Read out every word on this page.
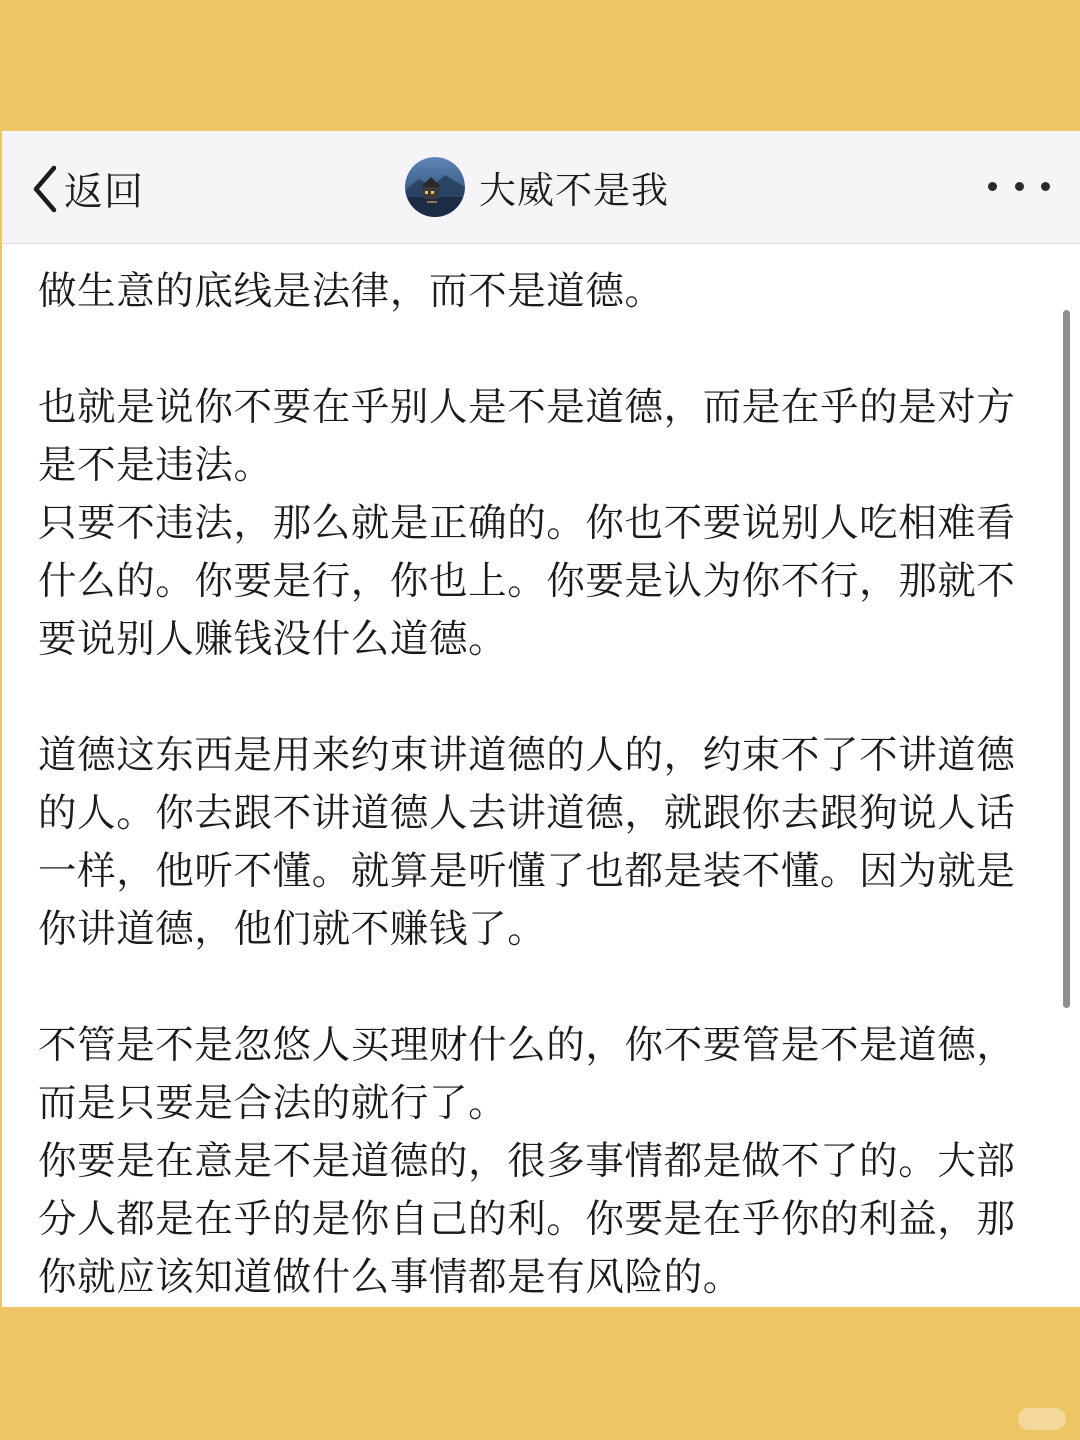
返回	大威不是我

做生意的底线是法律，而不是道德。

也就是说你不要在乎别人是不是道德，而是在乎的是对方是不是违法。

只要不违法，那么就是正确的。你也不要说别人吃相难看什么的。你要是行，你也上。你要是认为你不行，那就不要说别人赚钱没什么道德。

道德这东西是用来约束讲道德的人的，约束不了不讲道德的人。你去跟不讲道德人去讲道德，就跟你去跟狗说人话一样，他听不懂。就算是听懂了也都是装不懂。因为就是你讲道德，他们就不赚钱了。

不管是不是忽悠人买理财什么的，你不要管是不是道德，而是只要是合法的就行了。

你要是在意是不是道德的，很多事情都是做不了的。大部分人都是在乎的是你自己的利。你要是在乎你的利益，那你就应该知道做什么事情都是有风险的。
